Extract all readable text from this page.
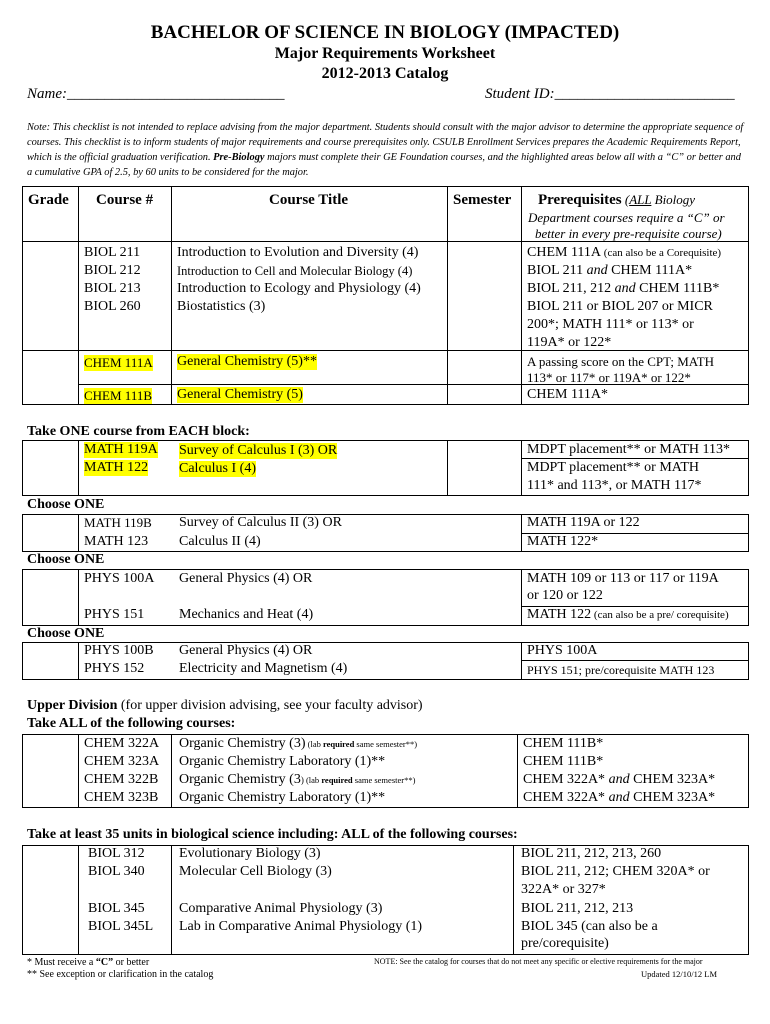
BACHELOR OF SCIENCE IN BIOLOGY (IMPACTED)
Major Requirements Worksheet
2012-2013 Catalog
Name:_____________________________	Student ID:________________________
Note: This checklist is not intended to replace advising from the major department. Students should consult with the major advisor to determine the appropriate sequence of courses. This checklist is to inform students of major requirements and course prerequisites only. CSULB Enrollment Services prepares the Academic Requirements Report, which is the official graduation verification. Pre-Biology majors must complete their GE Foundation courses, and the highlighted areas below all with a “C” or better and a cumulative GPA of 2.5, by 60 units to be considered for the major.
Grade Course #	Course Title	Semester Prerequisites (ALL Biology
Department courses require a “C” or
better in every pre-requisite course)
BIOL 211	Introduction to Evolution and Diversity (4)	CHEM 111A (can also be a Corequisite)
BIOL 212	Introduction to Cell and Molecular Biology (4)	BIOL 211 and CHEM 111A*
BIOL 213	Introduction to Ecology and Physiology (4)	BIOL 211, 212 and CHEM 111B*
BIOL 260	Biostatistics (3)	BIOL 211 or BIOL 207 or MICR
200*; MATH 111* or 113* or
119A* or 122*
CHEM 111A General Chemistry (5)**	A passing score on the CPT; MATH
113* or 117* or 119A* or 122*
CHEM 111B General Chemistry (5)	CHEM 111A*
Take ONE course from EACH block:
MATH 119A Survey of Calculus I (3) OR	MDPT placement** or MATH 113*
MATH 122 Calculus I (4)	MDPT placement** or MATH
111* and 113*, or MATH 117*
Choose ONE
MATH 119B Survey of Calculus II (3) OR	MATH 119A or 122
MATH 123 Calculus II (4)	MATH 122*
Choose ONE
PHYS 100A General Physics (4) OR	MATH 109 or 113 or 117 or 119A
or 120 or 122
PHYS 151 Mechanics and Heat (4)	MATH 122 (can also be a pre/ corequisite)
Choose ONE
PHYS 100B General Physics (4) OR	PHYS 100A
PHYS 152 Electricity and Magnetism (4)	PHYS 151; pre/corequisite MATH 123
Upper Division (for upper division advising, see your faculty advisor)
Take ALL of the following courses:
CHEM 322A Organic Chemistry (3) (lab required same semester**)	CHEM 111B*
CHEM 323A Organic Chemistry Laboratory (1)**	CHEM 111B*
CHEM 322B Organic Chemistry (3) (lab required same semester**)	CHEM 322A* and CHEM 323A*
CHEM 323B Organic Chemistry Laboratory (1)**	CHEM 322A* and CHEM 323A*
Take at least 35 units in biological science including: ALL of the following courses:
BIOL 312 Evolutionary Biology (3)	BIOL 211, 212, 213, 260
BIOL 340 Molecular Cell Biology (3)	BIOL 211, 212; CHEM 320A* or
322A* or 327*
BIOL 345 Comparative Animal Physiology (3)	BIOL 211, 212, 213
BIOL 345L Lab in Comparative Animal Physiology (1)	BIOL 345 (can also be a
pre/corequisite)
* Must receive a “C” or better
** See exception or clarification in the catalog
NOTE: See the catalog for courses that do not meet any specific or elective requirements for the major
Updated 12/10/12 LM
